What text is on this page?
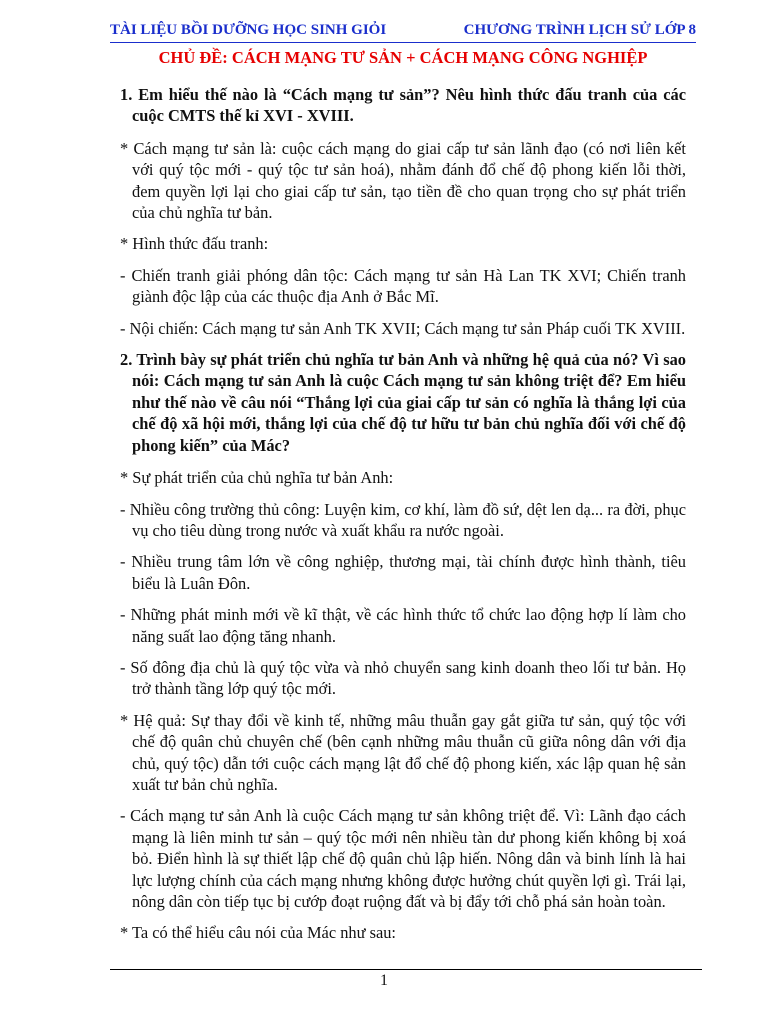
TÀI LIỆU BỒI DƯỠNG HỌC SINH GIỎI	CHƯƠNG TRÌNH LỊCH SỬ LỚP 8
CHỦ ĐỀ: CÁCH MẠNG TƯ SẢN + CÁCH MẠNG CÔNG NGHIỆP
1. Em hiểu thế nào là “Cách mạng tư sản”? Nêu hình thức đấu tranh của các cuộc CMTS thế kỉ XVI - XVIII.
* Cách mạng tư sản là: cuộc cách mạng do giai cấp tư sản lãnh đạo (có nơi liên kết với quý tộc mới - quý tộc tư sản hoá), nhằm đánh đổ chế độ phong kiến lỗi thời, đem quyền lợi lại cho giai cấp tư sản, tạo tiền đề cho quan trọng cho sự phát triển của chủ nghĩa tư bản.
* Hình thức đấu tranh:
- Chiến tranh giải phóng dân tộc: Cách mạng tư sản Hà Lan TK XVI; Chiến tranh giành độc lập của các thuộc địa Anh ở Bắc Mĩ.
- Nội chiến: Cách mạng tư sản Anh TK XVII; Cách mạng tư sản Pháp cuối TK XVIII.
2. Trình bày sự phát triển chủ nghĩa tư bản Anh và những hệ quả của nó? Vì sao nói: Cách mạng tư sản Anh là cuộc Cách mạng tư sản không triệt để? Em hiểu như thế nào về câu nói “Thắng lợi của giai cấp tư sản có nghĩa là thắng lợi của chế độ xã hội mới, thắng lợi của chế độ tư hữu tư bản chủ nghĩa đối với chế độ phong kiến” của Mác?
* Sự phát triển của chủ nghĩa tư bản Anh:
- Nhiều công trường thủ công: Luyện kim, cơ khí, làm đồ sứ, dệt len dạ... ra đời, phục vụ cho tiêu dùng trong nước và xuất khẩu ra nước ngoài.
- Nhiều trung tâm lớn về công nghiệp, thương mại, tài chính được hình thành, tiêu biểu là Luân Đôn.
- Những phát minh mới về kĩ thật, về các hình thức tổ chức lao động hợp lí làm cho năng suất lao động tăng nhanh.
- Số đông địa chủ là quý tộc vừa và nhỏ chuyển sang kinh doanh theo lối tư bản. Họ trở thành tầng lớp quý tộc mới.
* Hệ quả: Sự thay đổi về kinh tế, những mâu thuẫn gay gắt giữa tư sản, quý tộc với chế độ quân chủ chuyên chế (bên cạnh những mâu thuẫn cũ giữa nông dân với địa chủ, quý tộc) dẫn tới cuộc cách mạng lật đổ chế độ phong kiến, xác lập quan hệ sản xuất tư bản chủ nghĩa.
- Cách mạng tư sản Anh là cuộc Cách mạng tư sản không triệt để. Vì: Lãnh đạo cách mạng là liên minh tư sản – quý tộc mới nên nhiều tàn dư phong kiến không bị xoá bỏ. Điển hình là sự thiết lập chế độ quân chủ lập hiến. Nông dân và binh lính là hai lực lượng chính của cách mạng nhưng không được hưởng chút quyền lợi gì. Trái lại, nông dân còn tiếp tục bị cướp đoạt ruộng đất và bị đẩy tới chỗ phá sản hoàn toàn.
* Ta có thể hiểu câu nói của Mác như sau:
1
